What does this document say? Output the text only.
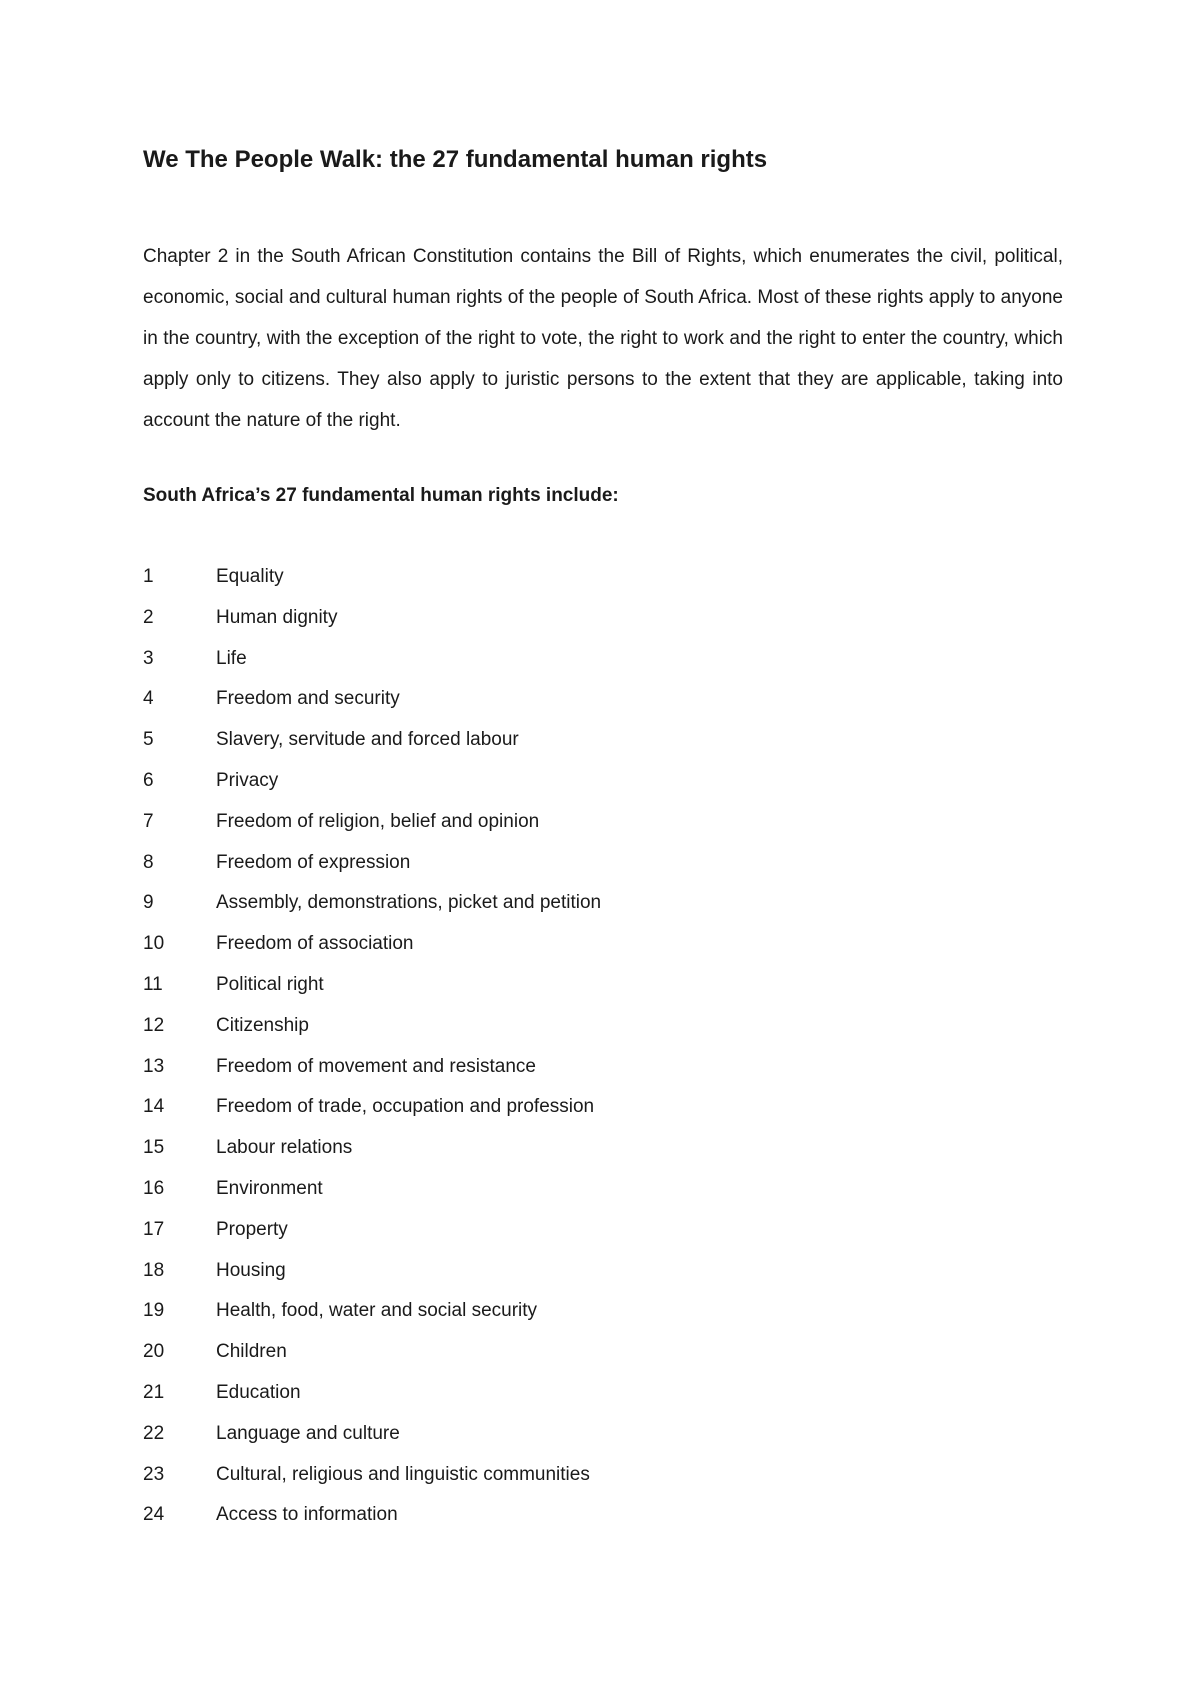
We The People Walk: the 27 fundamental human rights

Chapter 2 in the South African Constitution contains the Bill of Rights, which enumerates the civil, political, economic, social and cultural human rights of the people of South Africa. Most of these rights apply to anyone in the country, with the exception of the right to vote, the right to work and the right to enter the country, which apply only to citizens. They also apply to juristic persons to the extent that they are applicable, taking into account the nature of the right.

South Africa’s 27 fundamental human rights include:
1	Equality
2	Human dignity
3	Life
4	Freedom and security
5	Slavery, servitude and forced labour
6	Privacy
7	Freedom of religion, belief and opinion
8	Freedom of expression
9	Assembly, demonstrations, picket and petition
10	Freedom of association
11	Political right
12	Citizenship
13	Freedom of movement and resistance
14	Freedom of trade, occupation and profession
15	Labour relations
16	Environment
17	Property
18	Housing
19	Health, food, water and social security
20	Children
21	Education
22	Language and culture
23	Cultural, religious and linguistic communities
24	Access to information
